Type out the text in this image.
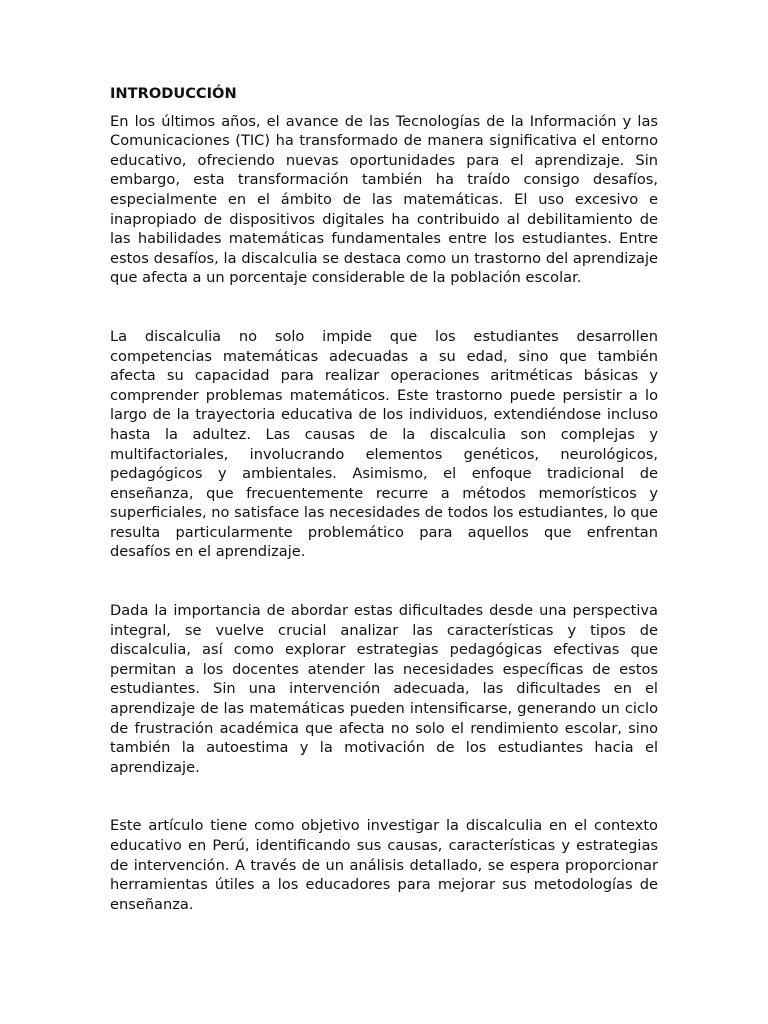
INTRODUCCIÓN

En los últimos años, el avance de las Tecnologías de la Información y las Comunicaciones (TIC) ha transformado de manera significativa el entorno educativo, ofreciendo nuevas oportunidades para el aprendizaje. Sin embargo, esta transformación también ha traído consigo desafíos, especialmente en el ámbito de las matemáticas. El uso excesivo e inapropiado de dispositivos digitales ha contribuido al debilitamiento de las habilidades matemáticas fundamentales entre los estudiantes. Entre estos desafíos, la discalculia se destaca como un trastorno del aprendizaje que afecta a un porcentaje considerable de la población escolar.

La discalculia no solo impide que los estudiantes desarrollen competencias matemáticas adecuadas a su edad, sino que también afecta su capacidad para realizar operaciones aritméticas básicas y comprender problemas matemáticos. Este trastorno puede persistir a lo largo de la trayectoria educativa de los individuos, extendiéndose incluso hasta la adultez. Las causas de la discalculia son complejas y multifactoriales, involucrando elementos genéticos, neurológicos, pedagógicos y ambientales. Asimismo, el enfoque tradicional de enseñanza, que frecuentemente recurre a métodos memorísticos y superficiales, no satisface las necesidades de todos los estudiantes, lo que resulta particularmente problemático para aquellos que enfrentan desafíos en el aprendizaje.

Dada la importancia de abordar estas dificultades desde una perspectiva integral, se vuelve crucial analizar las características y tipos de discalculia, así como explorar estrategias pedagógicas efectivas que permitan a los docentes atender las necesidades específicas de estos estudiantes. Sin una intervención adecuada, las dificultades en el aprendizaje de las matemáticas pueden intensificarse, generando un ciclo de frustración académica que afecta no solo el rendimiento escolar, sino también la autoestima y la motivación de los estudiantes hacia el aprendizaje.

Este artículo tiene como objetivo investigar la discalculia en el contexto educativo en Perú, identificando sus causas, características y estrategias de intervención. A través de un análisis detallado, se espera proporcionar herramientas útiles a los educadores para mejorar sus metodologías de enseñanza.
